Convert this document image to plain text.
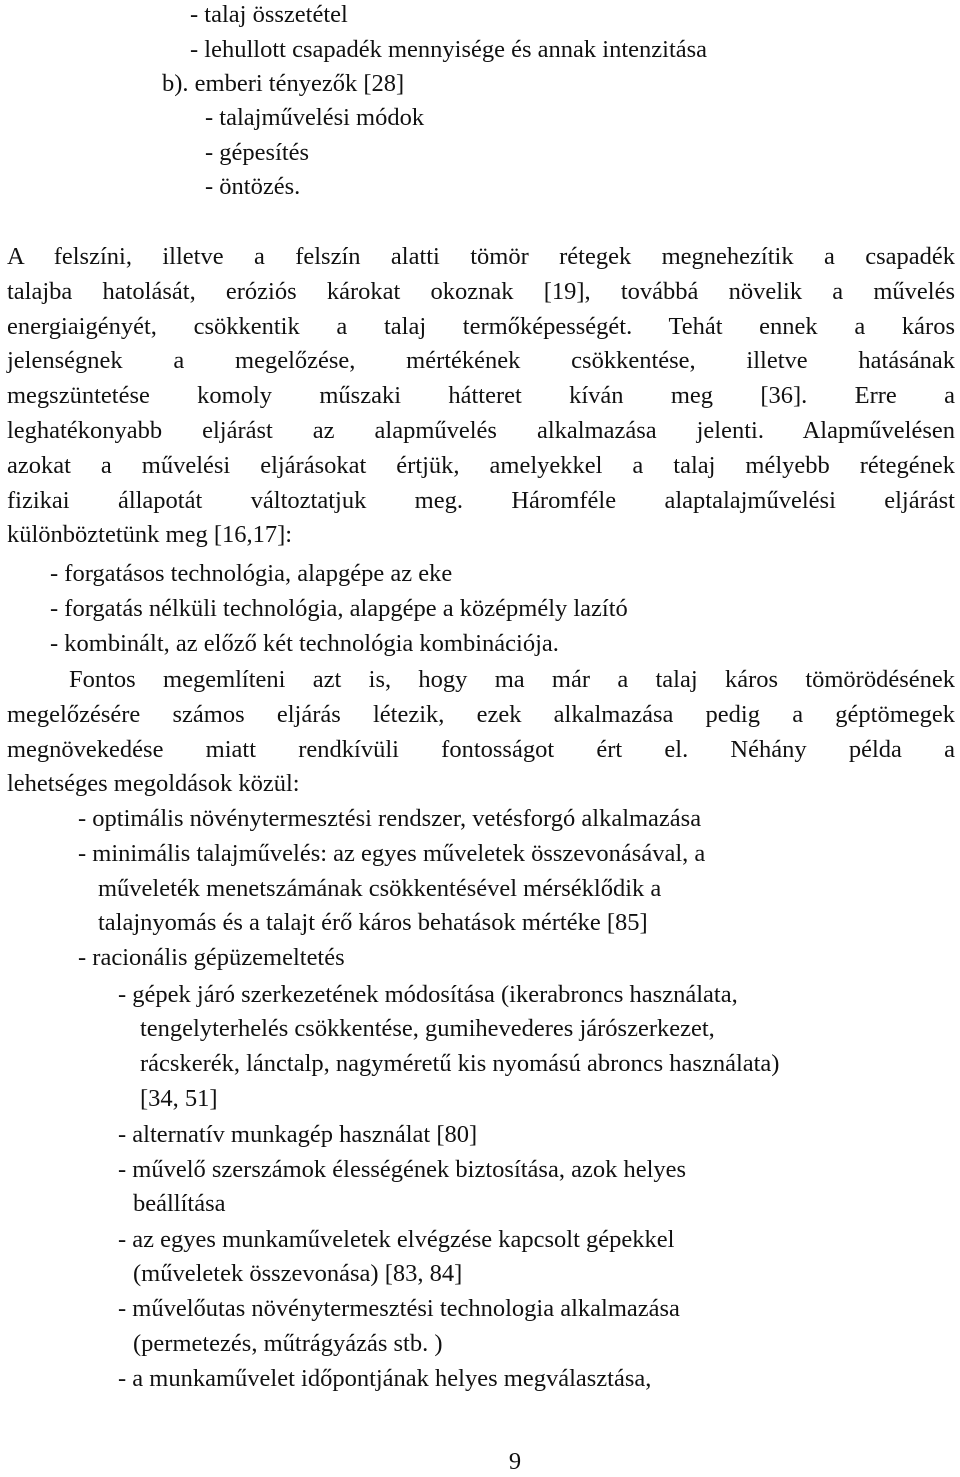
- talaj összetétel
- lehullott csapadék mennyisége és annak intenzitása
b). emberi tényezők [28]
- talajművelési módok
- gépesítés
- öntözés.
A felszíni, illetve a felszín alatti tömör rétegek megnehezítik a csapadék
talajba hatolását, eróziós károkat okoznak [19], továbbá növelik a művelés
energiaigényét, csökkentik a talaj termőképességét. Tehát ennek a káros
jelenségnek a megelőzése, mértékének csökkentése, illetve hatásának
megszüntetése komoly műszaki hátteret kíván meg [36]. Erre a
leghatékonyabb eljárást az alapművelés alkalmazása jelenti. Alapművelésen
azokat a művelési eljárásokat értjük, amelyekkel a talaj mélyebb rétegének
fizikai állapotát változtatjuk meg. Háromféle alaptalajművelési eljárást
különböztetünk meg [16,17]:
- forgatásos technológia, alapgépe az eke
- forgatás nélküli technológia, alapgépe a középmély lazító
- kombinált, az előző két technológia kombinációja.
Fontos megemlíteni azt is, hogy ma már a talaj káros tömörödésének
megelőzésére számos eljárás létezik, ezek alkalmazása pedig a géptömegek
megnövekedése miatt rendkívüli fontosságot ért el. Néhány példa a
lehetséges megoldások közül:
- optimális növénytermesztési rendszer, vetésforgó alkalmazása
- minimális talajművelés: az egyes műveletek összevonásával, a
műveleték menetszámának csökkentésével mérséklődik a
talajnyomás és a talajt érő káros behatások mértéke [85]
- racionális gépüzemeltetés
- gépek járó szerkezetének módosítása (ikerabroncs használata,
tengelyterhelés csökkentése, gumihevederes járószerkezet,
rácskerék, lánctalp, nagyméretű kis nyomású abroncs használata)
[34, 51]
- alternatív munkagép használat [80]
- művelő szerszámok élességének biztosítása, azok helyes
beállítása
- az egyes munkaműveletek elvégzése kapcsolt gépekkel
(műveletek összevonása) [83, 84]
- művelőutas növénytermesztési technologia alkalmazása
(permetezés, műtrágyázás stb. )
- a munkaművelet időpontjának helyes megválasztása,
9
